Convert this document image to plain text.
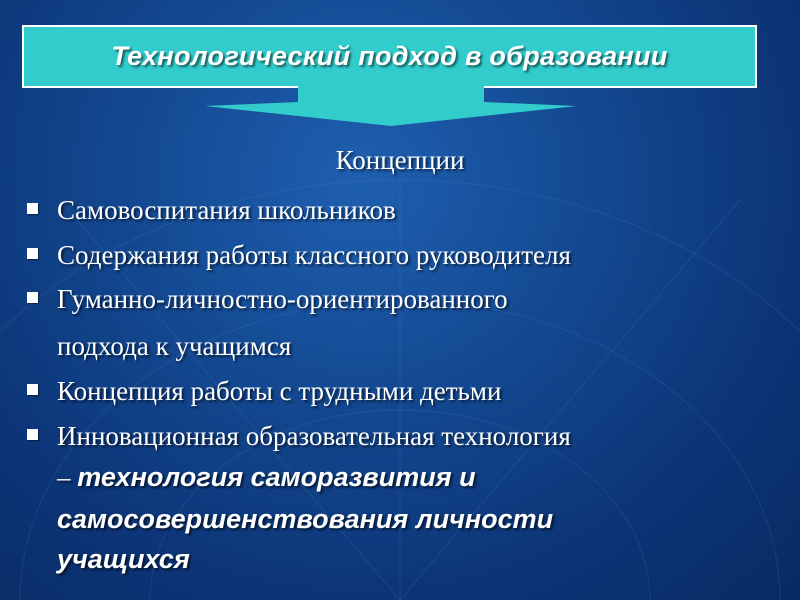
Технологический подход в образовании
Концепции
Самовоспитания школьников
Содержания работы классного руководителя
Гуманно-личностно-ориентированного
подхода к учащимся
Концепция работы с трудными детьми
Инновационная образовательная технология
– технология саморазвития и
самосовершенствования личности
учащихся
